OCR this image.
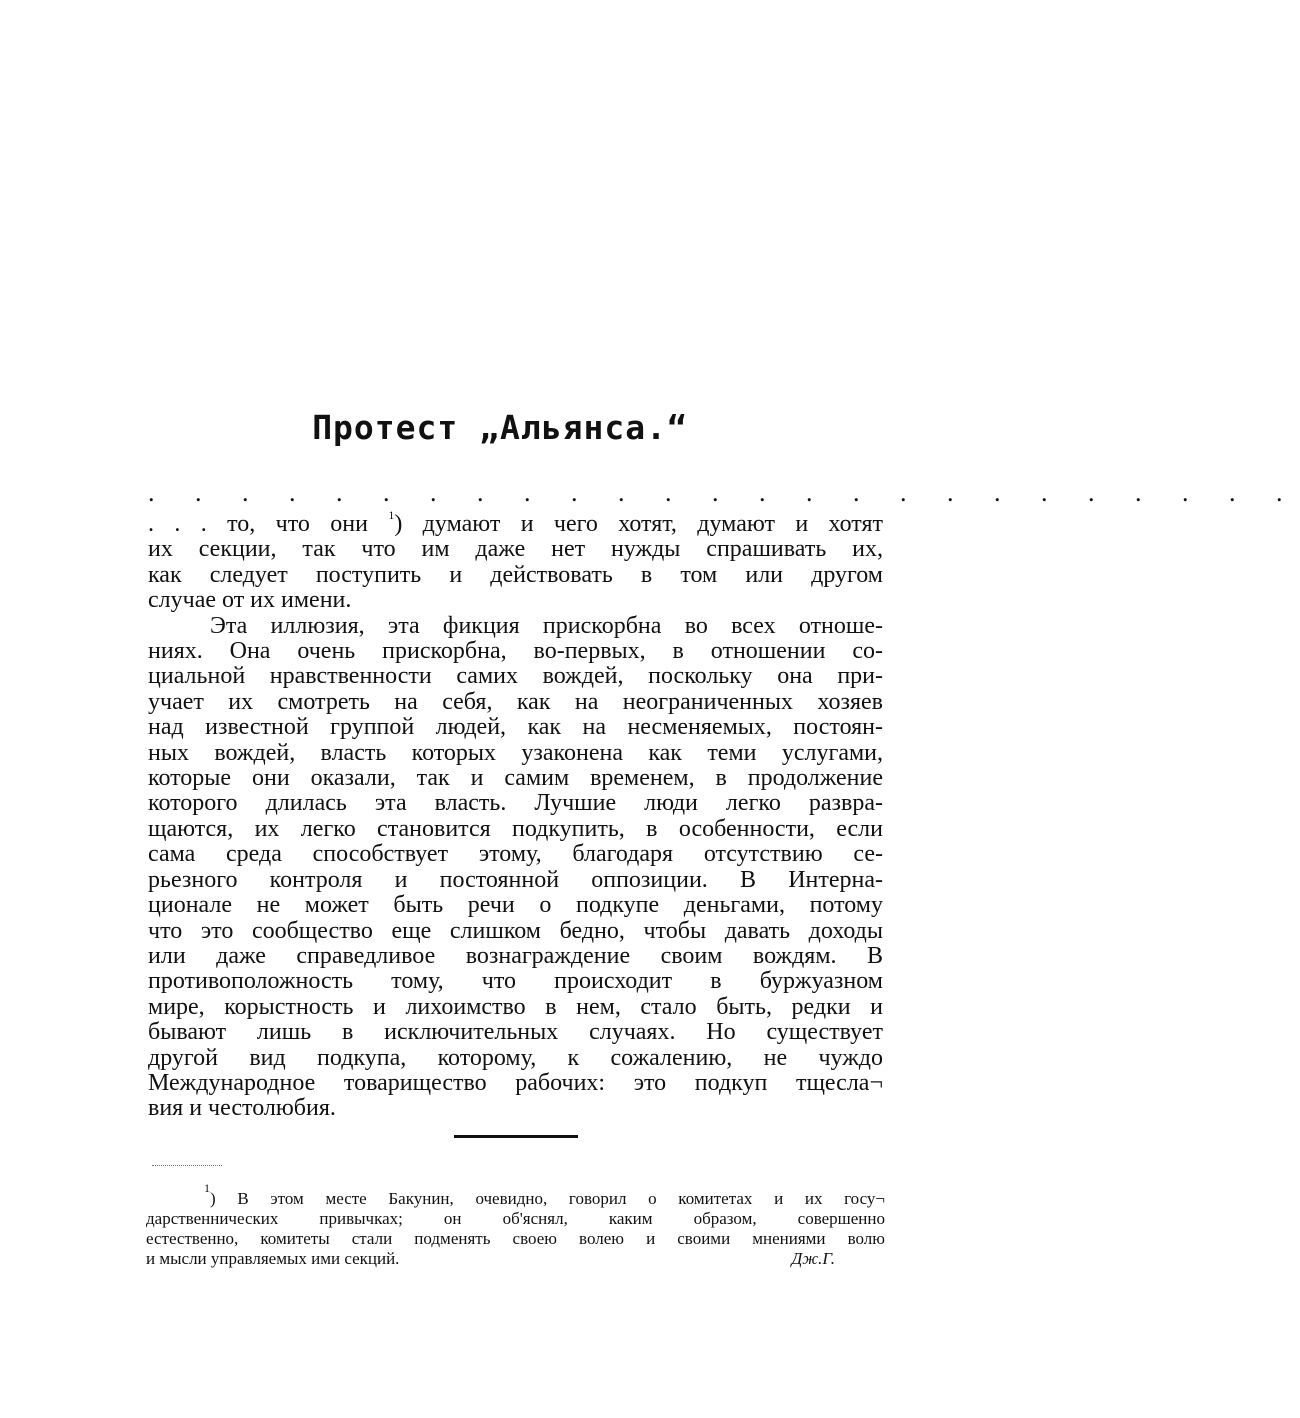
Протест „Альянса.“
. . . . . . . . . . . . . . . . . . . . . . . . .
. . . то, что они $^1$) думают и чего хотят, думают и хотят
их секции, так что им даже нет нужды спрашивать их,
как следует поступить и действовать в том или другом
случае от их имени.
Эта иллюзия, эта фикция прискорбна во всех отноше-
ниях. Она очень прискорбна, во-первых, в отношении со-
циальной нравственности самих вождей, поскольку она при-
учает их смотреть на себя, как на неограниченных хозяев
над известной группой людей, как на несменяемых, постоян-
ных вождей, власть которых узаконена как теми услугами,
которые они оказали, так и самим временем, в продолжение
которого длилась эта власть. Лучшие люди легко развра-
щаются, их легко становится подкупить, в особенности, если
сама среда способствует этому, благодаря отсутствию се-
рьезного контроля и постоянной оппозиции. В Интерна-
ционале не может быть речи о подкупе деньгами, потому
что это сообщество еще слишком бедно, чтобы давать доходы
или даже справедливое вознаграждение своим вождям. В
противоположность тому, что происходит в буржуазном
мире, корыстность и лихоимство в нем, стало быть, редки и
бывают лишь в исключительных случаях. Но существует
другой вид подкупа, которому, к сожалению, не чуждо
Международное товарищество рабочих: это подкуп тщесла¬
вия и честолюбия.
$^1$) В этом месте Бакунин, очевидно, говорил о комитетах и их госу¬
дарственнических привычках; он об'яснял, каким образом, совершенно
естественно, комитеты стали подменять своею волею и своими мнениями волю
и мысли управляемых ими секций.	Дж.Г.
